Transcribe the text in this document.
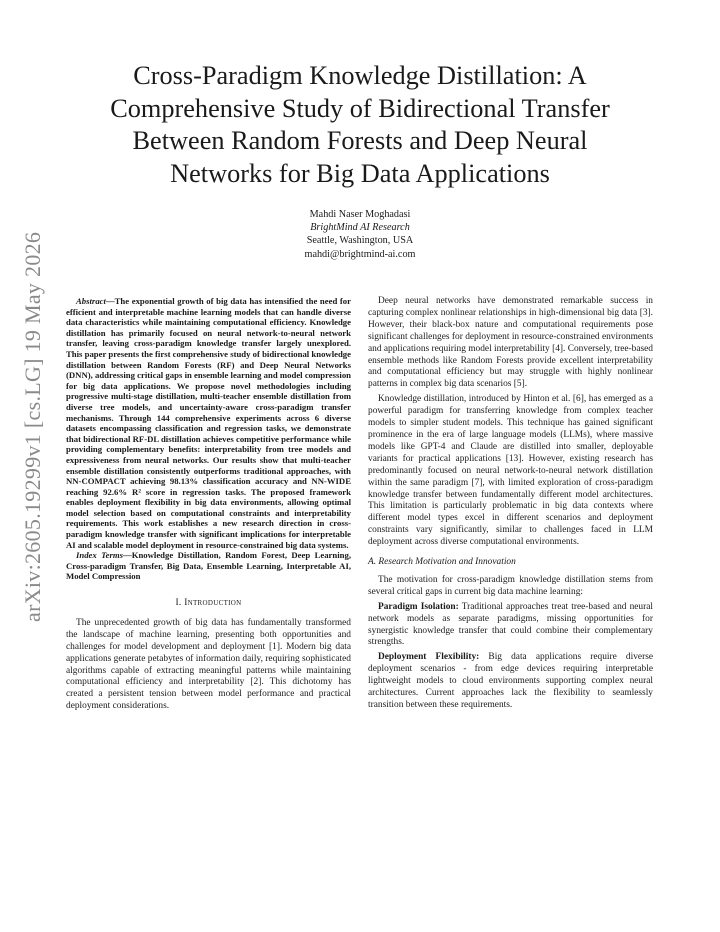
arXiv:2605.19299v1 [cs.LG] 19 May 2026
Cross-Paradigm Knowledge Distillation: A
Comprehensive Study of Bidirectional Transfer
Between Random Forests and Deep Neural
Networks for Big Data Applications
Mahdi Naser Moghadasi
BrightMind AI Research
Seattle, Washington, USA
mahdi@brightmind-ai.com

Abstract—The exponential growth of big data has intensified the need for efficient and interpretable machine learning models that can handle diverse data characteristics while maintaining computational efficiency. Knowledge distillation has primarily focused on neural network-to-neural network transfer, leaving cross-paradigm knowledge transfer largely unexplored. This paper presents the first comprehensive study of bidirectional knowledge distillation between Random Forests (RF) and Deep Neural Networks (DNN), addressing critical gaps in ensemble learning and model compression for big data applications. We propose novel methodologies including progressive multi-stage distillation, multi-teacher ensemble distillation from diverse tree models, and uncertainty-aware cross-paradigm transfer mechanisms. Through 144 comprehensive experiments across 6 diverse datasets encompassing classification and regression tasks, we demonstrate that bidirectional RF-DL distillation achieves competitive performance while providing complementary benefits: interpretability from tree models and expressiveness from neural networks. Our results show that multi-teacher ensemble distillation consistently outperforms traditional approaches, with NN-COMPACT achieving 98.13% classification accuracy and NN-WIDE reaching 92.6% R² score in regression tasks. The proposed framework enables deployment flexibility in big data environments, allowing optimal model selection based on computational constraints and interpretability requirements. This work establishes a new research direction in cross-paradigm knowledge transfer with significant implications for interpretable AI and scalable model deployment in resource-constrained big data systems.

Index Terms—Knowledge Distillation, Random Forest, Deep Learning, Cross-paradigm Transfer, Big Data, Ensemble Learning, Interpretable AI, Model Compression

I. Introduction

The unprecedented growth of big data has fundamentally transformed the landscape of machine learning, presenting both opportunities and challenges for model development and deployment [1]. Modern big data applications generate petabytes of information daily, requiring sophisticated algorithms capable of extracting meaningful patterns while maintaining computational efficiency and interpretability [2]. This dichotomy has created a persistent tension between model performance and practical deployment considerations.

Deep neural networks have demonstrated remarkable success in capturing complex nonlinear relationships in high-dimensional big data [3]. However, their black-box nature and computational requirements pose significant challenges for deployment in resource-constrained environments and applications requiring model interpretability [4]. Conversely, tree-based ensemble methods like Random Forests provide excellent interpretability and computational efficiency but may struggle with highly nonlinear patterns in complex big data scenarios [5].

Knowledge distillation, introduced by Hinton et al. [6], has emerged as a powerful paradigm for transferring knowledge from complex teacher models to simpler student models. This technique has gained significant prominence in the era of large language models (LLMs), where massive models like GPT-4 and Claude are distilled into smaller, deployable variants for practical applications [13]. However, existing research has predominantly focused on neural network-to-neural network distillation within the same paradigm [7], with limited exploration of cross-paradigm knowledge transfer between fundamentally different model architectures. This limitation is particularly problematic in big data contexts where different model types excel in different scenarios and deployment constraints vary significantly, similar to challenges faced in LLM deployment across diverse computational environments.

A. Research Motivation and Innovation

The motivation for cross-paradigm knowledge distillation stems from several critical gaps in current big data machine learning:

Paradigm Isolation: Traditional approaches treat tree-based and neural network models as separate paradigms, missing opportunities for synergistic knowledge transfer that could combine their complementary strengths.

Deployment Flexibility: Big data applications require diverse deployment scenarios - from edge devices requiring interpretable lightweight models to cloud environments supporting complex neural architectures. Current approaches lack the flexibility to seamlessly transition between these requirements.
